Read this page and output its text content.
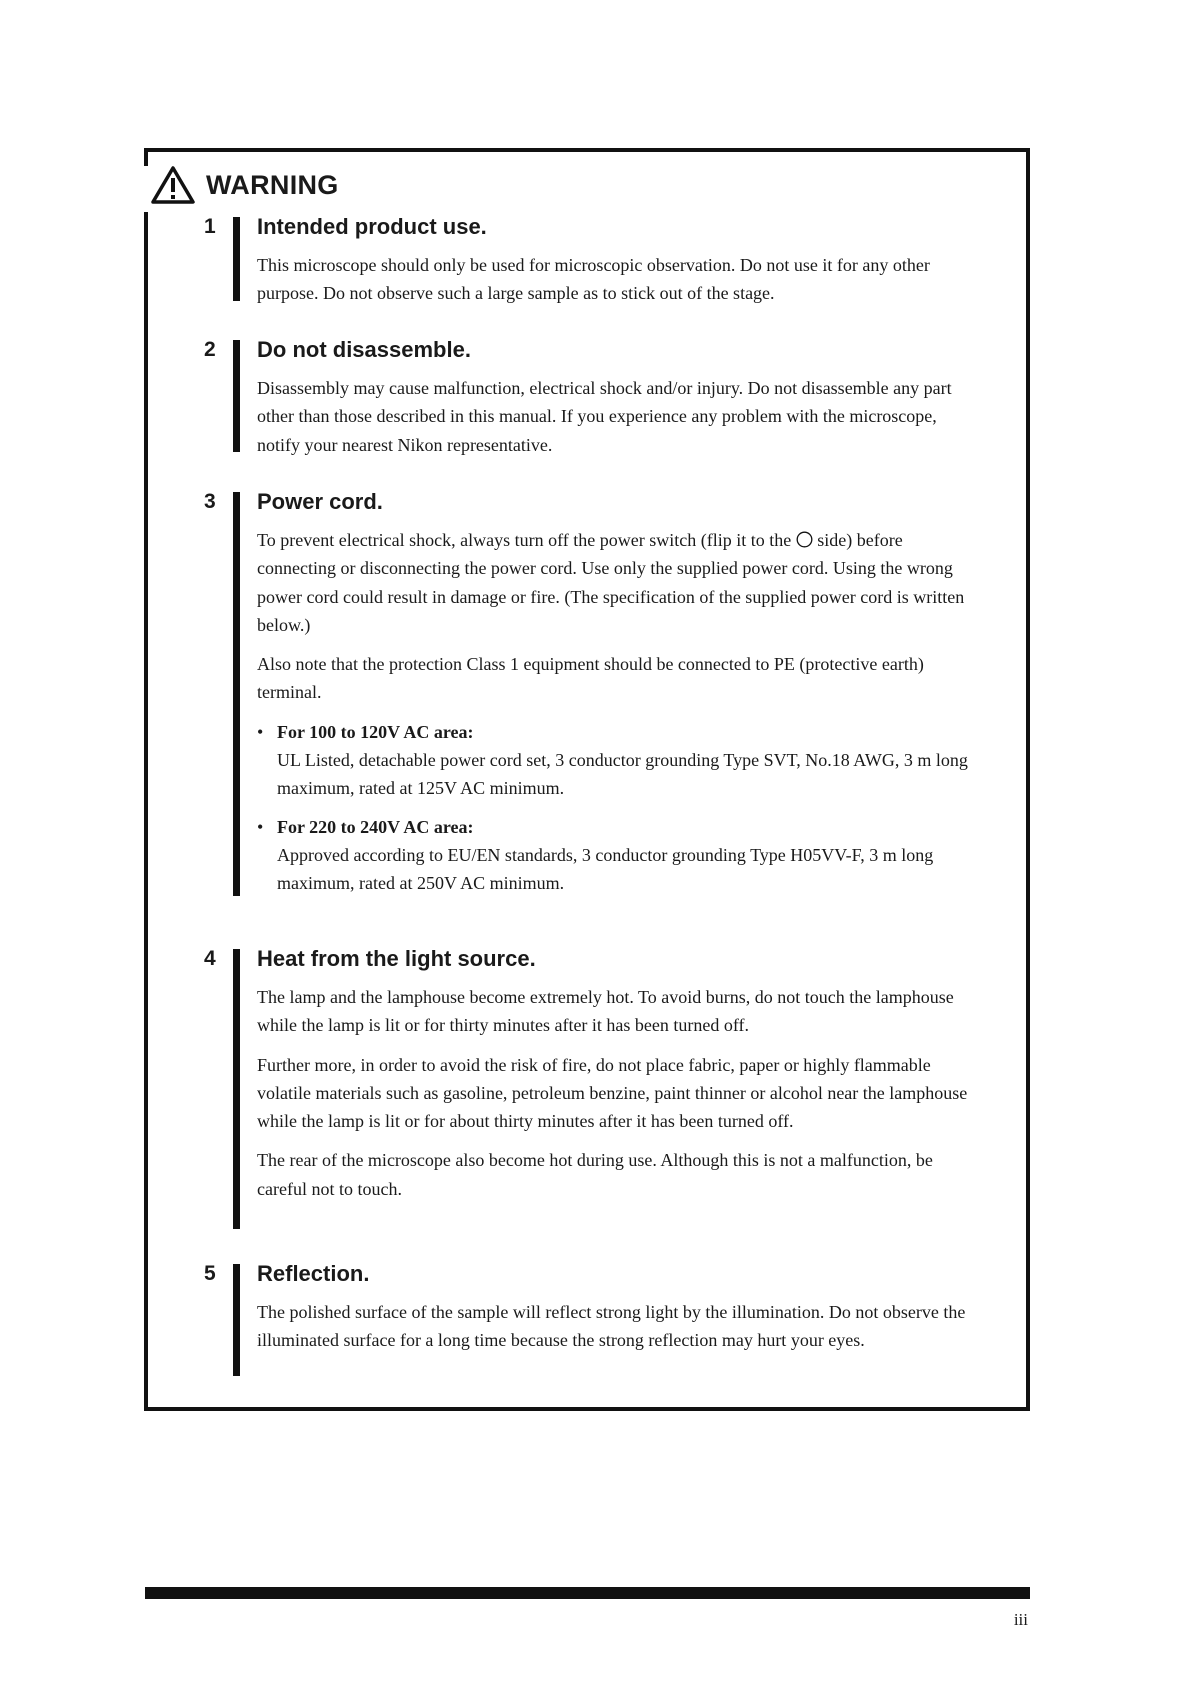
WARNING
1 Intended product use.

This microscope should only be used for microscopic observation. Do not use it for any other purpose. Do not observe such a large sample as to stick out of the stage.

2 Do not disassemble.

Disassembly may cause malfunction, electrical shock and/or injury. Do not disassemble any part other than those described in this manual. If you experience any problem with the microscope, notify your nearest Nikon representative.

3 Power cord.

To prevent electrical shock, always turn off the power switch (flip it to the  side) before connecting or disconnecting the power cord. Use only the supplied power cord. Using the wrong power cord could result in damage or fire. (The specification of the supplied power cord is written below.)

Also note that the protection Class 1 equipment should be connected to PE (protective earth) terminal.

• For 100 to 120V AC area:
UL Listed, detachable power cord set, 3 conductor grounding Type SVT, No.18 AWG, 3 m long maximum, rated at 125V AC minimum.
• For 220 to 240V AC area:
Approved according to EU/EN standards, 3 conductor grounding Type H05VV-F, 3 m long maximum, rated at 250V AC minimum.
4 Heat from the light source.

The lamp and the lamphouse become extremely hot. To avoid burns, do not touch the lamphouse while the lamp is lit or for thirty minutes after it has been turned off.

Further more, in order to avoid the risk of fire, do not place fabric, paper or highly flammable volatile materials such as gasoline, petroleum benzine, paint thinner or alcohol near the lamphouse while the lamp is lit or for about thirty minutes after it has been turned off.

The rear of the microscope also become hot during use. Although this is not a malfunction, be careful not to touch.

5 Reflection.

The polished surface of the sample will reflect strong light by the illumination. Do not observe the illuminated surface for a long time because the strong reflection may hurt your eyes.

iii
